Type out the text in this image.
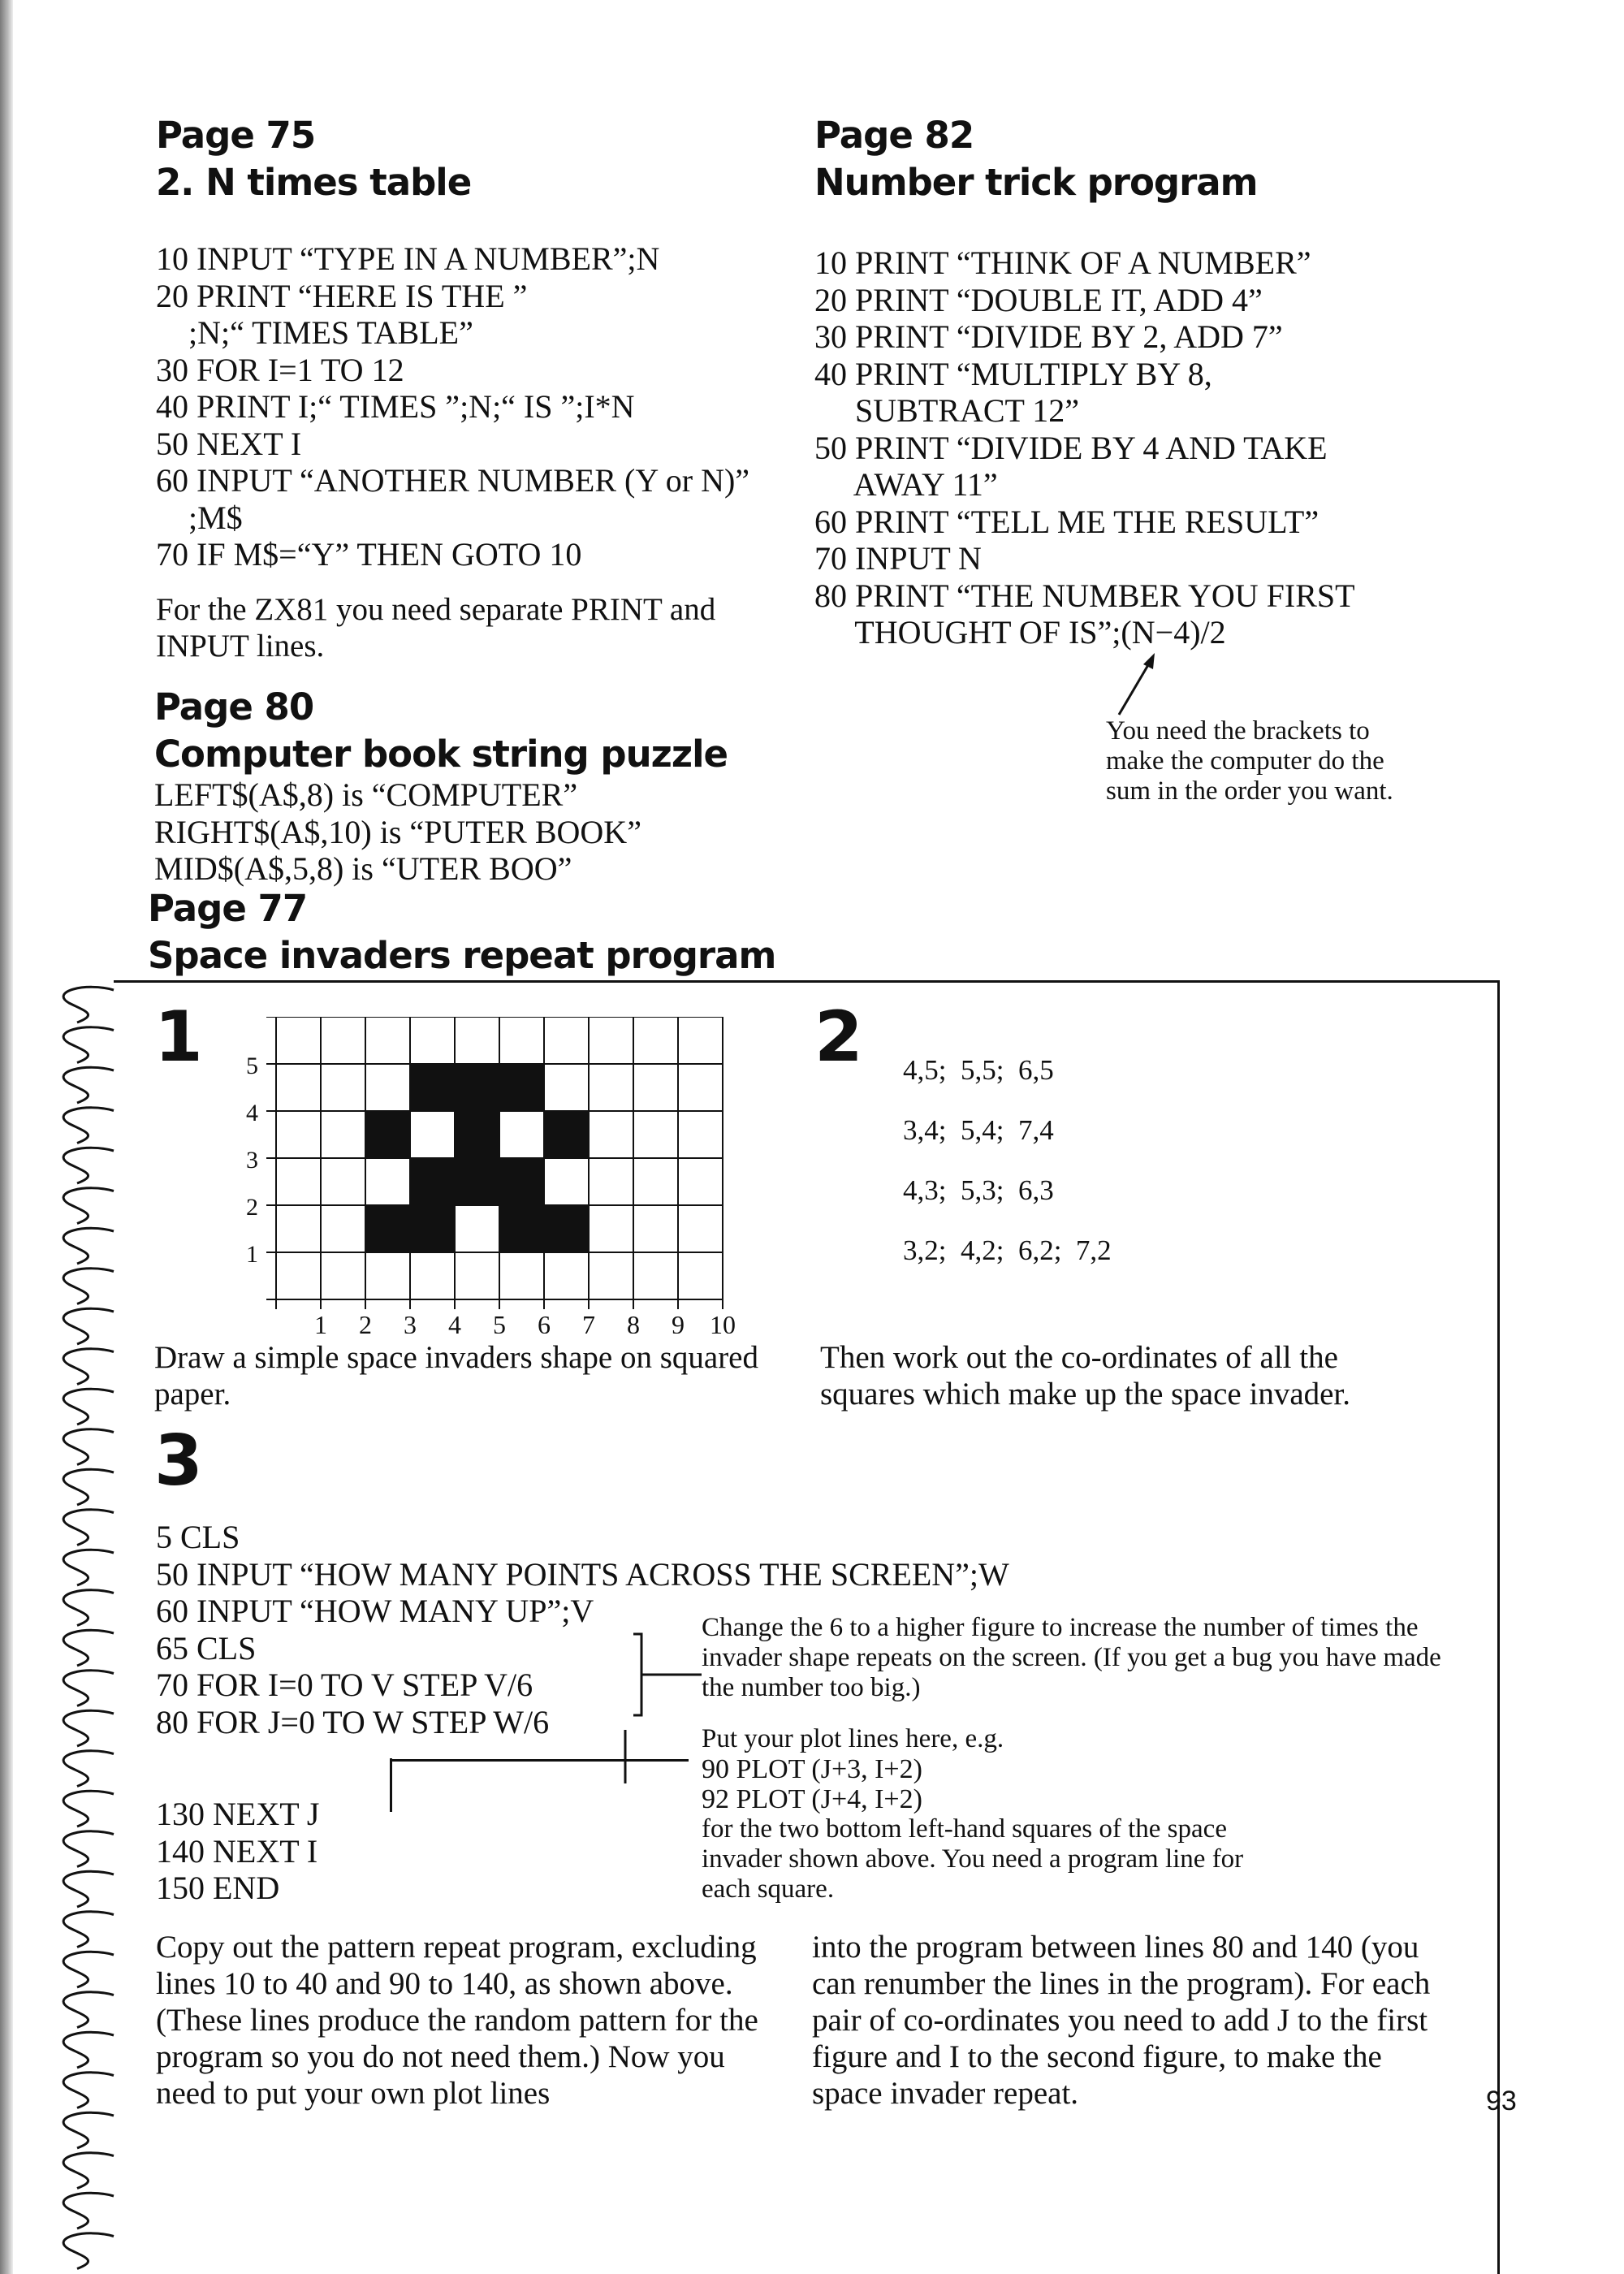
Page 75
2. N times table

10 INPUT “TYPE IN A NUMBER”;N

20 PRINT “HERE IS THE ”

;N;“ TIMES TABLE”

30 FOR I=1 TO 12

40 PRINT I;“ TIMES ”;N;“ IS ”;I*N

50 NEXT I

60 INPUT “ANOTHER NUMBER (Y or N)”

;M$

70 IF M$=“Y” THEN GOTO 10

For the ZX81 you need separate PRINT and INPUT lines.

Page 82
Number trick program

10 PRINT “THINK OF A NUMBER”

20 PRINT “DOUBLE IT, ADD 4”

30 PRINT “DIVIDE BY 2, ADD 7”

40 PRINT “MULTIPLY BY 8,

SUBTRACT 12”

50 PRINT “DIVIDE BY 4 AND TAKE

AWAY 11”

60 PRINT “TELL ME THE RESULT”

70 INPUT N

80 PRINT “THE NUMBER YOU FIRST

THOUGHT OF IS”;(N−4)/2

You need the brackets to make the computer do the sum in the order you want.

Page 80
Computer book string puzzle

LEFT$(A$,8) is “COMPUTER”

RIGHT$(A$,10) is “PUTER BOOK”

MID$(A$,5,8) is “UTER BOO”

Page 77
Space invaders repeat program

1

1 2 3 4 5 6 7 8 9 10
1
2
3
4
5

Draw a simple space invaders shape on squared paper.

2 4,5;  5,5;  6,5

3,4;  5,4;  7,4

4,3;  5,3;  6,3

3,2;  4,2;  6,2;  7,2

Then work out the co-ordinates of all the squares which make up the space invader.

3

5 CLS

50 INPUT “HOW MANY POINTS ACROSS THE SCREEN”;W

60 INPUT “HOW MANY UP”;V

65 CLS

70 FOR I=0 TO V STEP V/6

80 FOR J=0 TO W STEP W/6

130 NEXT J

140 NEXT I

150 END

Change the 6 to a higher figure to increase the number of times the invader shape repeats on the screen. (If you get a bug you have made the number too big.)

Put your plot lines here, e.g.

90 PLOT (J+3, I+2)

92 PLOT (J+4, I+2)

for the two bottom left-hand squares of the space invader shown above. You need a program line for each square.

Copy out the pattern repeat program, excluding lines 10 to 40 and 90 to 140, as shown above. (These lines produce the random pattern for the program so you do not need them.) Now you need to put your own plot lines

into the program between lines 80 and 140 (you can renumber the lines in the program). For each pair of co-ordinates you need to add J to the first figure and I to the second figure, to make the space invader repeat.	93
